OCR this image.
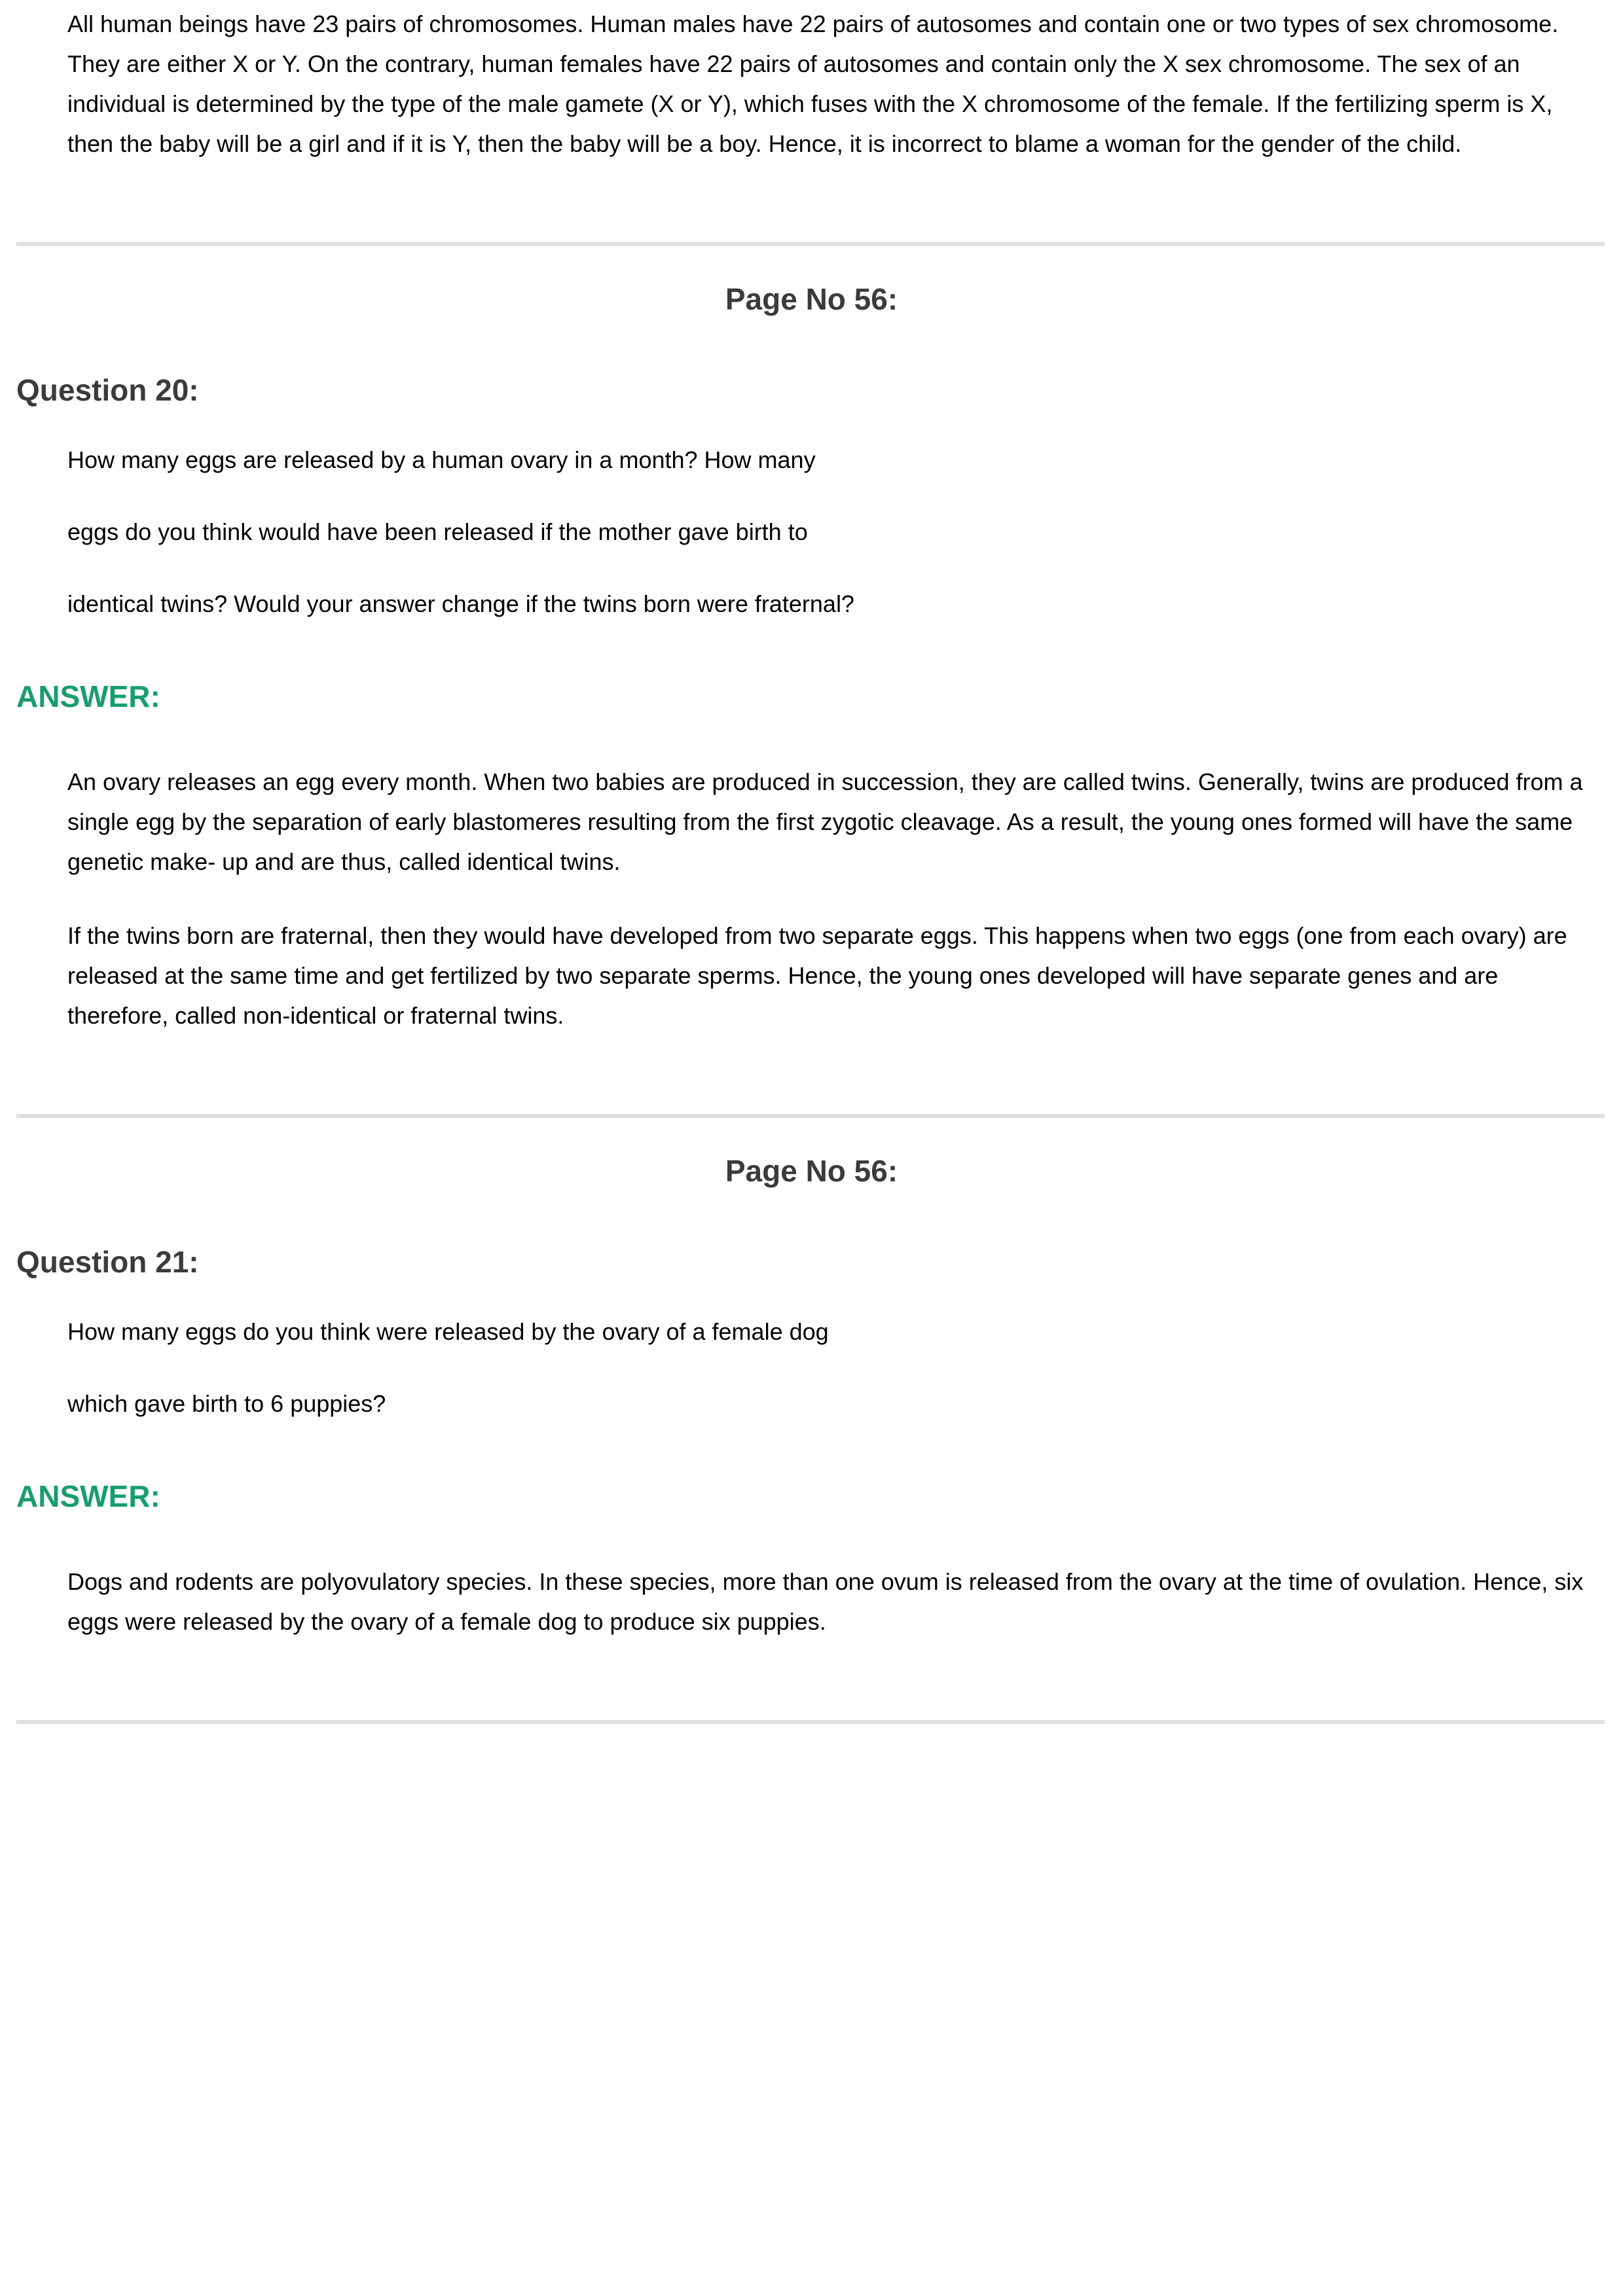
All human beings have 23 pairs of chromosomes. Human males have 22 pairs of autosomes and contain one or two types of sex chromosome. They are either X or Y. On the contrary, human females have 22 pairs of autosomes and contain only the X sex chromosome. The sex of an individual is determined by the type of the male gamete (X or Y), which fuses with the X chromosome of the female. If the fertilizing sperm is X, then the baby will be a girl and if it is Y, then the baby will be a boy. Hence, it is incorrect to blame a woman for the gender of the child.

Page No 56:
Question 20:

How many eggs are released by a human ovary in a month? How many

eggs do you think would have been released if the mother gave birth to

identical twins? Would your answer change if the twins born were fraternal?

ANSWER:

An ovary releases an egg every month. When two babies are produced in succession, they are called twins. Generally, twins are produced from a single egg by the separation of early blastomeres resulting from the first zygotic cleavage. As a result, the young ones formed will have the same genetic make- up and are thus, called identical twins.

If the twins born are fraternal, then they would have developed from two separate eggs. This happens when two eggs (one from each ovary) are released at the same time and get fertilized by two separate sperms. Hence, the young ones developed will have separate genes and are therefore, called non-identical or fraternal twins.

Page No 56:
Question 21:

How many eggs do you think were released by the ovary of a female dog

which gave birth to 6 puppies?

ANSWER:

Dogs and rodents are polyovulatory species. In these species, more than one ovum is released from the ovary at the time of ovulation. Hence, six eggs were released by the ovary of a female dog to produce six puppies.
